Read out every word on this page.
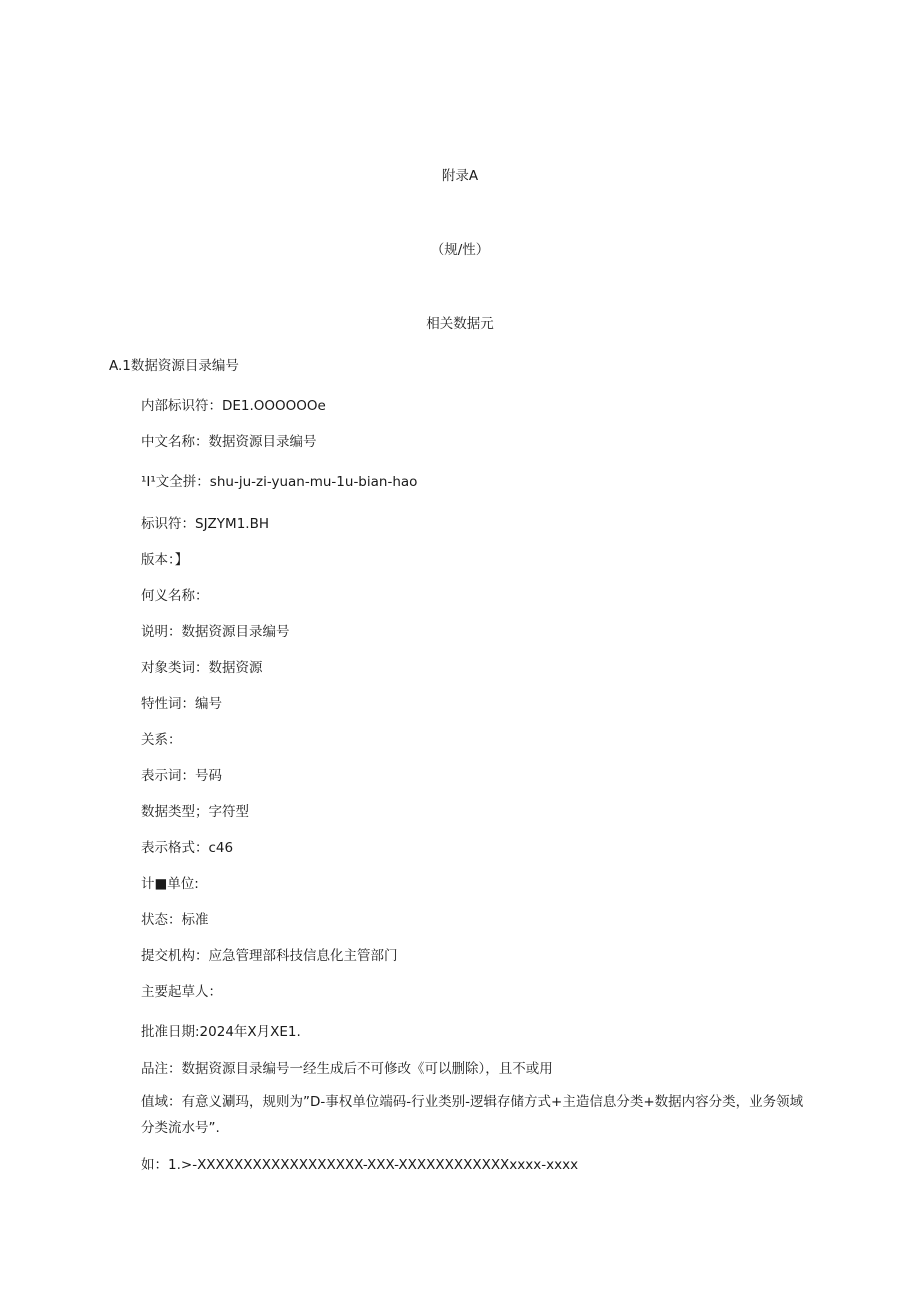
附录A
（规/性）
相关数据元
A.1数据资源目录编号
内部标识符：DE1.OOOOOOe
中文名称：数据资源目录编号
¹I¹文全拼：shu-ju-zi-yuan-mu-1u-bian-hao
标识符：SJZYM1.BH
版本：】
何义名称：
说明：数据资源目录编号
对象类词：数据资源
特性词：编号
关系：
表示词：号码
数据类型；字符型
表示格式：c46
计■单位:
状态：标准
提交机构：应急管理部科技信息化主管部门
主要起草人：
批准日期:2024年X月XE1.
品注：数据资源目录编号一经生成后不可修改《可以删除），且不或用
值域：有意义涮玛，规则为”D-事权单位端码-行业类别-逻辑存储方式+主造信息分类+数据内容分类，业务领域分类流水号”.
如：1.>-XXXXXXXXXXXXXXXXXX-XXX-XXXXXXXXXXXXxxxx-xxxx
